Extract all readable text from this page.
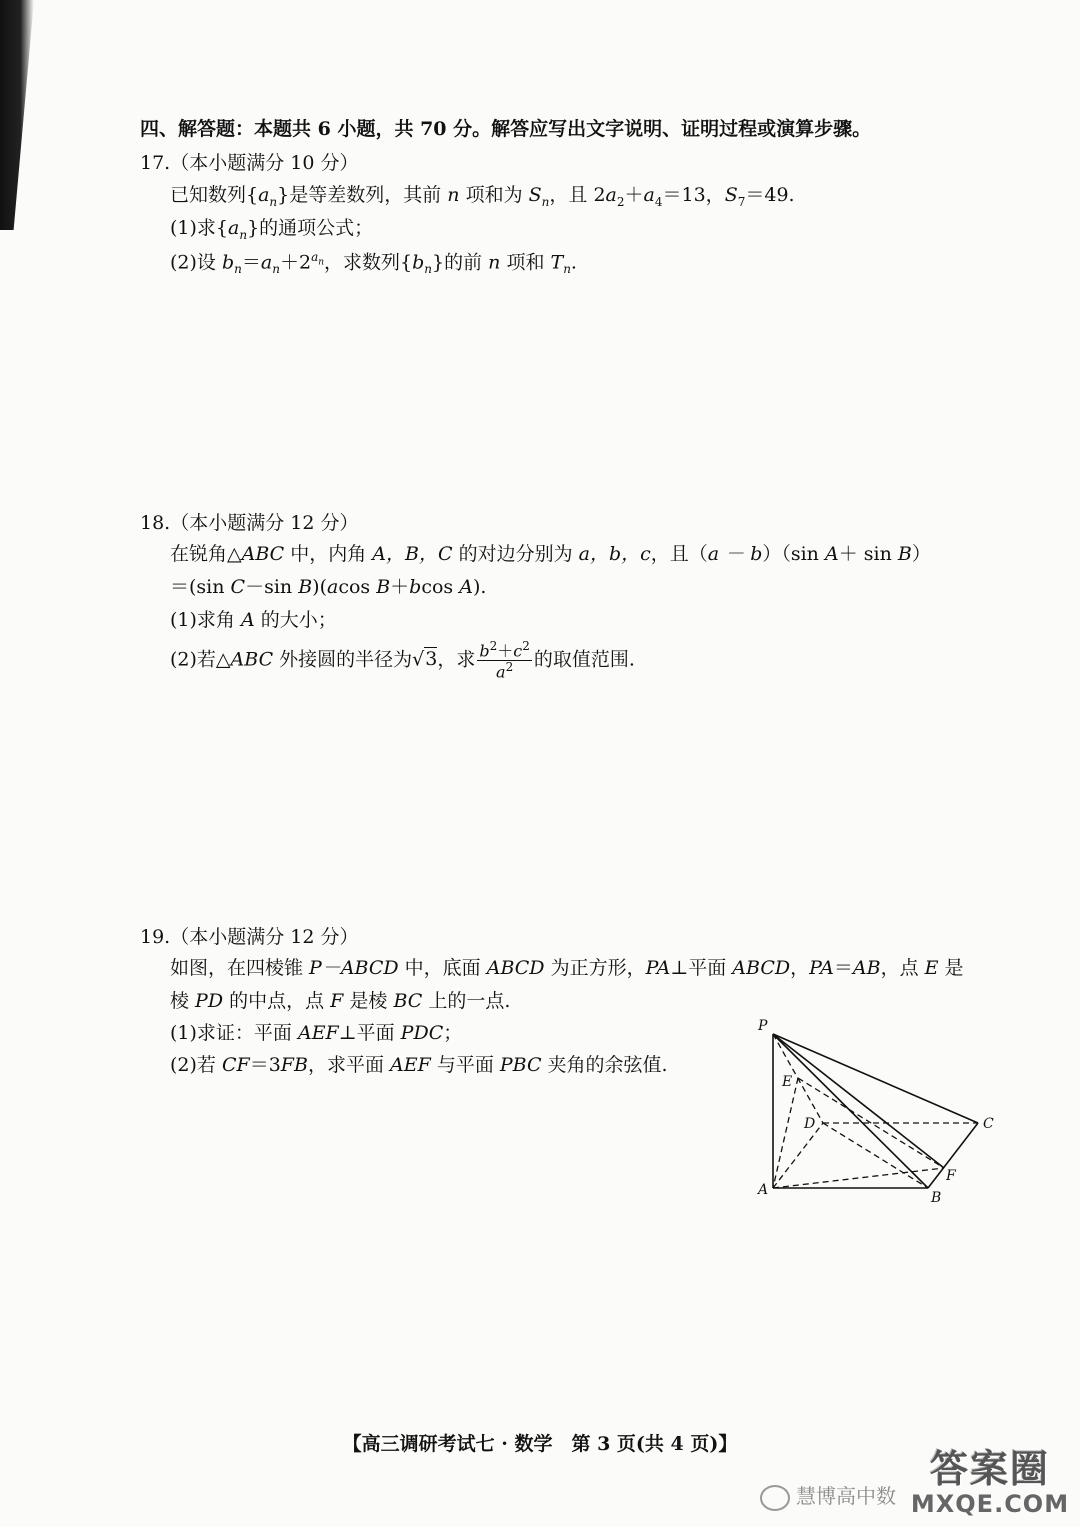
四、解答题：本题共 6 小题，共 70 分。解答应写出文字说明、证明过程或演算步骤。
17.（本小题满分 10 分）
已知数列$\{a_n\}$是等差数列，其前 n 项和为 $S_n$，且 $2a_2+a_4=13$，$S_7=49$.
(1)求$\{a_n\}$的通项公式；
(2)设 $b_n=a_n+2^{a_n}$，求数列$\{b_n\}$的前 n 项和 $T_n$.
18.（本小题满分 12 分）
在锐角△ABC 中，内角 A，B，C 的对边分别为 a，b，c，且（a － b）（sin A＋ sin B）
＝(sin C－sin B)(acos B＋bcos A).
(1)求角 A 的大小；
(2)若△ABC 外接圆的半径为√3，求 $\frac{b^2+c^2}{a^2}$ 的取值范围.
19.（本小题满分 12 分）
如图，在四棱锥 P－ABCD 中，底面 ABCD 为正方形，PA⊥平面 ABCD，PA＝AB，点 E 是
棱 PD 的中点，点 F 是棱 BC 上的一点.
(1)求证：平面 AEF⊥平面 PDC；
(2)若 CF＝3FB，求平面 AEF 与平面 PBC 夹角的余弦值.
P
E
D	C
F
A	B
【高三调研考试七 · 数学　第 3 页(共 4 页)】
慧博高中数
答案圈
MXQE.COM
